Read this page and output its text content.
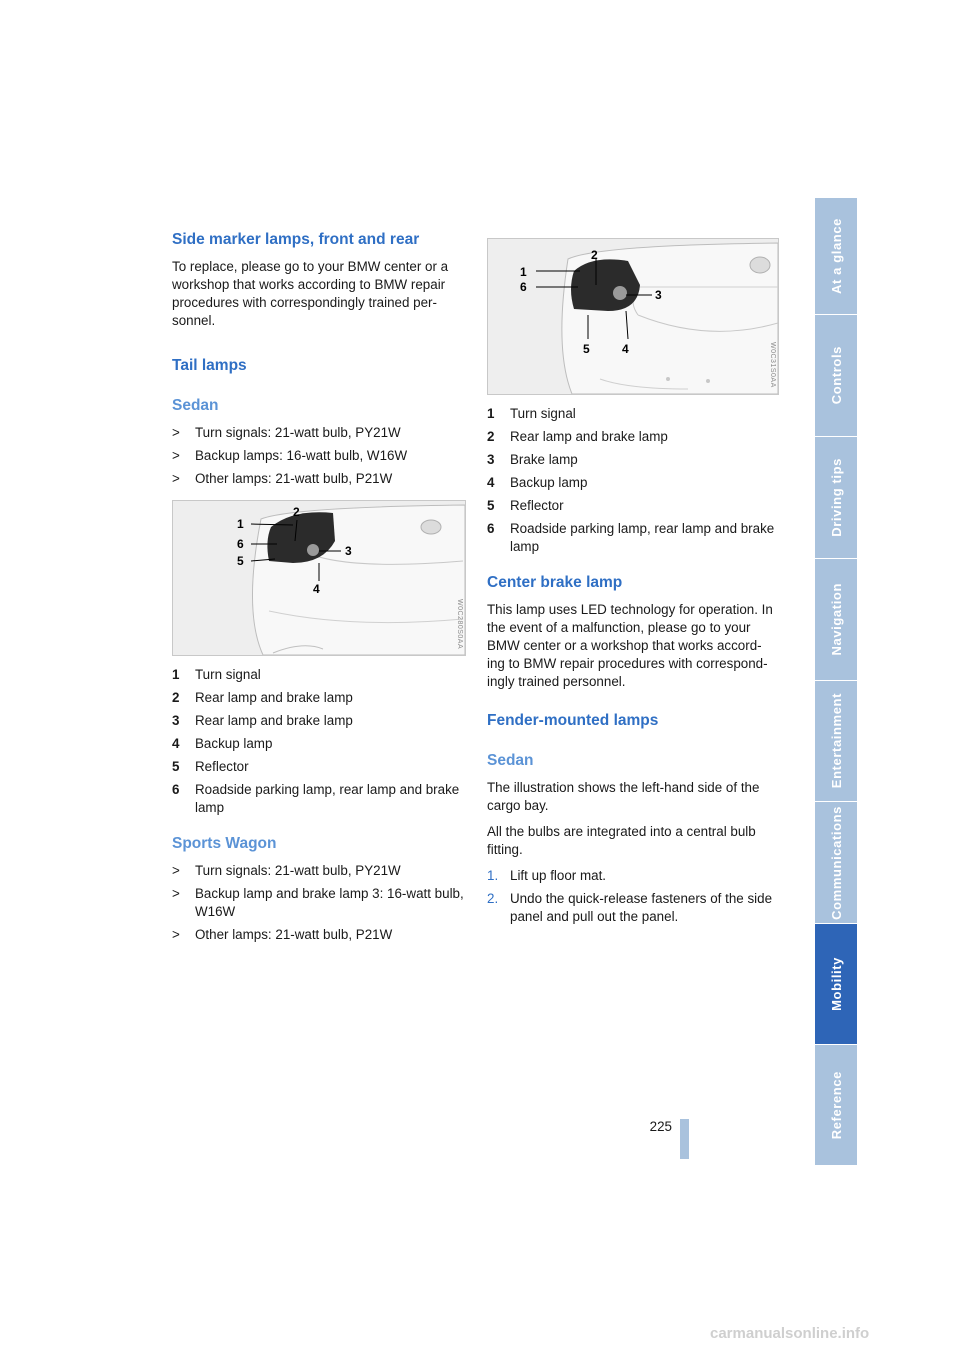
Side marker lamps, front and rear

To replace, please go to your BMW center or a workshop that works according to BMW repair procedures with correspondingly trained per-sonnel.

Tail lamps
Sedan
>	Turn signals: 21-watt bulb, PY21W
>	Backup lamps: 16-watt bulb, W16W
>	Other lamps: 21-watt bulb, P21W
1
2
3
4
5
6
W0C280S0AA
1	Turn signal
2	Rear lamp and brake lamp
3	Rear lamp and brake lamp
4	Backup lamp
5	Reflector
6	Roadside parking lamp, rear lamp and brake lamp
Sports Wagon
>	Turn signals: 21-watt bulb, PY21W
>	Backup lamp and brake lamp 3: 16-watt bulb, W16W
>	Other lamps: 21-watt bulb, P21W
1
2
3
4
5
6
W0C31S0AA
1	Turn signal
2	Rear lamp and brake lamp
3	Brake lamp
4	Backup lamp
5	Reflector
6	Roadside parking lamp, rear lamp and brake lamp
Center brake lamp

This lamp uses LED technology for operation. In the event of a malfunction, please go to your BMW center or a workshop that works accord-ing to BMW repair procedures with correspond-ingly trained personnel.

Fender-mounted lamps
Sedan

The illustration shows the left-hand side of the cargo bay.

All the bulbs are integrated into a central bulb fitting.

1. Lift up floor mat.
2. Undo the quick-release fasteners of the side panel and pull out the panel.
At a glance
Controls
Driving tips
Navigation
Entertainment
Communications
Mobility
Reference
225
carmanualsonline.info
